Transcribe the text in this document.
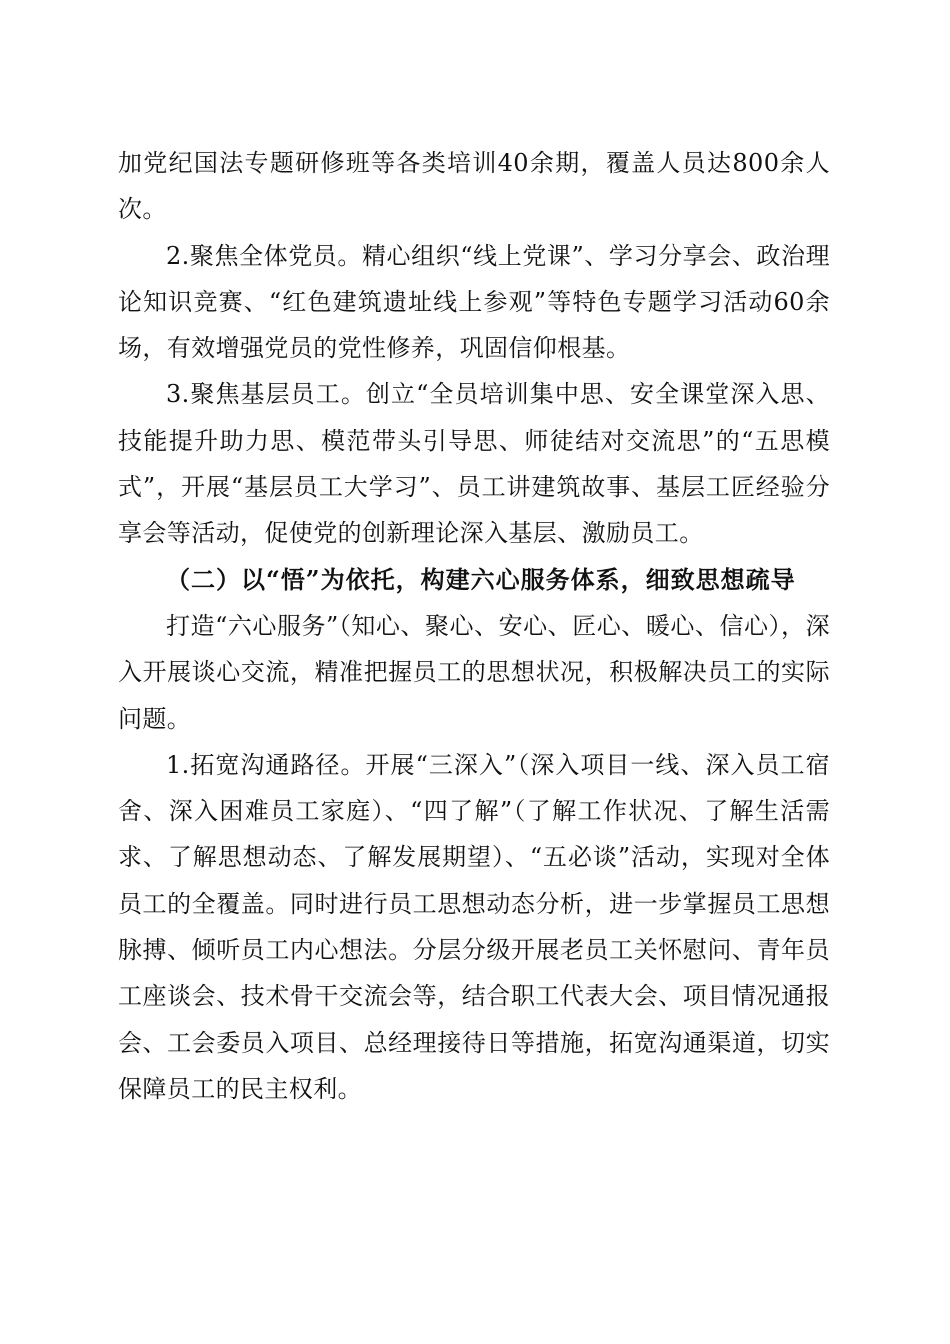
加党纪国法专题研修班等各类培训40余期，覆盖人员达800余人次。

2.聚焦全体党员。精心组织“线上党课”、学习分享会、政治理论知识竞赛、“红色建筑遗址线上参观”等特色专题学习活动60余场，有效增强党员的党性修养，巩固信仰根基。

3.聚焦基层员工。创立“全员培训集中思、安全课堂深入思、技能提升助力思、模范带头引导思、师徒结对交流思”的“五思模式”，开展“基层员工大学习”、员工讲建筑故事、基层工匠经验分享会等活动，促使党的创新理论深入基层、激励员工。

（二）以“悟”为依托，构建六心服务体系，细致思想疏导

打造“六心服务”（知心、聚心、安心、匠心、暖心、信心），深入开展谈心交流，精准把握员工的思想状况，积极解决员工的实际问题。

1.拓宽沟通路径。开展“三深入”（深入项目一线、深入员工宿舍、深入困难员工家庭）、“四了解”（了解工作状况、了解生活需求、了解思想动态、了解发展期望）、“五必谈”活动，实现对全体员工的全覆盖。同时进行员工思想动态分析，进一步掌握员工思想脉搏、倾听员工内心想法。分层分级开展老员工关怀慰问、青年员工座谈会、技术骨干交流会等，结合职工代表大会、项目情况通报会、工会委员入项目、总经理接待日等措施，拓宽沟通渠道，切实保障员工的民主权利。
